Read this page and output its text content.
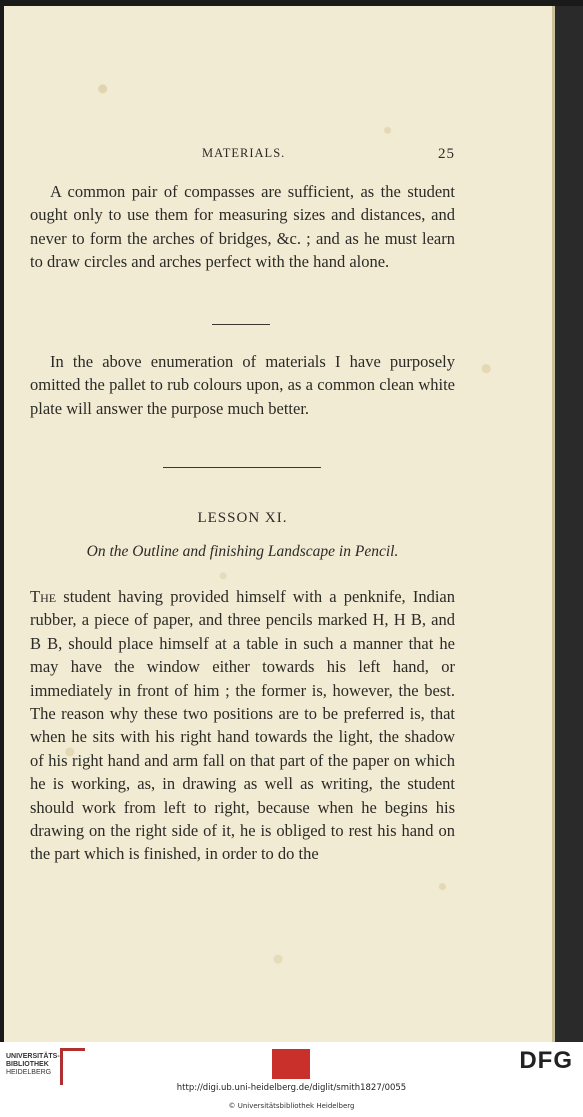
MATERIALS.	25

A common pair of compasses are sufficient, as the student ought only to use them for measuring sizes and distances, and never to form the arches of bridges, &c. ; and as he must learn to draw circles and arches perfect with the hand alone.

In the above enumeration of materials I have purposely omitted the pallet to rub colours upon, as a common clean white plate will answer the purpose much better.

LESSON XI.
On the Outline and finishing Landscape in Pencil.

The student having provided himself with a penknife, Indian rubber, a piece of paper, and three pencils marked H, H B, and B B, should place himself at a table in such a manner that he may have the window either towards his left hand, or immediately in front of him ; the former is, however, the best. The reason why these two positions are to be preferred is, that when he sits with his right hand towards the light, the shadow of his right hand and arm fall on that part of the paper on which he is working, as, in drawing as well as writing, the student should work from left to right, because when he begins his drawing on the right side of it, he is obliged to rest his hand on the part which is finished, in order to do the

UNIVERSITÄTS-
BIBLIOTHEK
HEIDELBERG	DFG
http://digi.ub.uni-heidelberg.de/diglit/smith1827/0055
© Universitätsbibliothek Heidelberg
